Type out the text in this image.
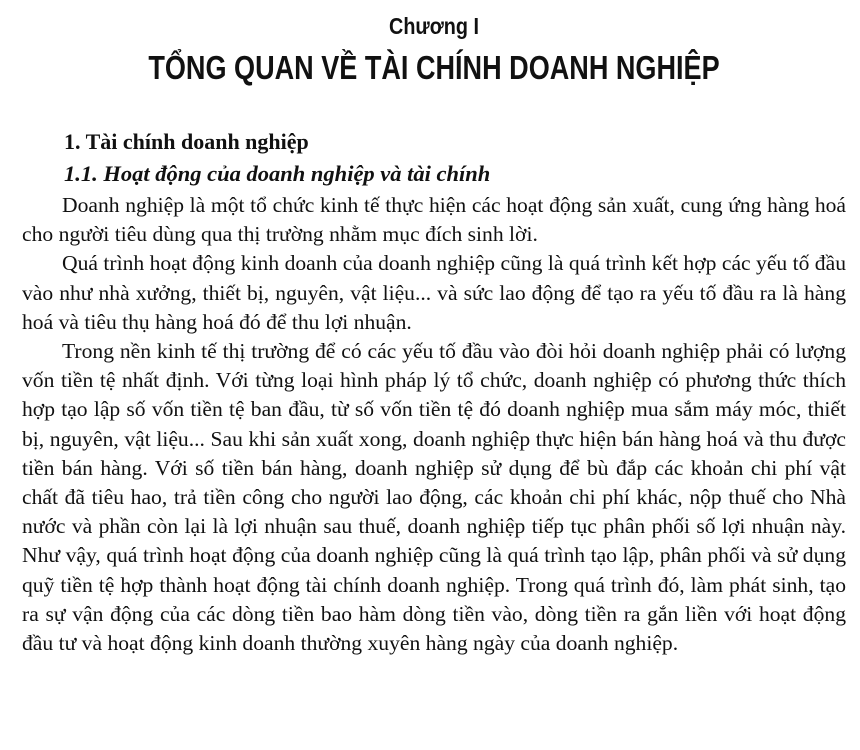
Chương I
TỔNG QUAN VỀ TÀI CHÍNH DOANH NGHIỆP
1. Tài chính doanh nghiệp
1.1. Hoạt động của doanh nghiệp và tài chính

Doanh nghiệp là một tổ chức kinh tế thực hiện các hoạt động sản xuất, cung ứng hàng hoá cho người tiêu dùng qua thị trường nhằm mục đích sinh lời.

Quá trình hoạt động kinh doanh của doanh nghiệp cũng là quá trình kết hợp các yếu tố đầu vào như nhà xưởng, thiết bị, nguyên, vật liệu... và sức lao động để tạo ra yếu tố đầu ra là hàng hoá và tiêu thụ hàng hoá đó để thu lợi nhuận.

Trong nền kinh tế thị trường để có các yếu tố đầu vào đòi hỏi doanh nghiệp phải có lượng vốn tiền tệ nhất định. Với từng loại hình pháp lý tổ chức, doanh nghiệp có phương thức thích hợp tạo lập số vốn tiền tệ ban đầu, từ số vốn tiền tệ đó doanh nghiệp mua sắm máy móc, thiết bị, nguyên, vật liệu... Sau khi sản xuất xong, doanh nghiệp thực hiện bán hàng hoá và thu được tiền bán hàng. Với số tiền bán hàng, doanh nghiệp sử dụng để bù đắp các khoản chi phí vật chất đã tiêu hao, trả tiền công cho người lao động, các khoản chi phí khác, nộp thuế cho Nhà nước và phần còn lại là lợi nhuận sau thuế, doanh nghiệp tiếp tục phân phối số lợi nhuận này. Như vậy, quá trình hoạt động của doanh nghiệp cũng là quá trình tạo lập, phân phối và sử dụng quỹ tiền tệ hợp thành hoạt động tài chính doanh nghiệp. Trong quá trình đó, làm phát sinh, tạo ra sự vận động của các dòng tiền bao hàm dòng tiền vào, dòng tiền ra gắn liền với hoạt động đầu tư và hoạt động kinh doanh thường xuyên hàng ngày của doanh nghiệp.
